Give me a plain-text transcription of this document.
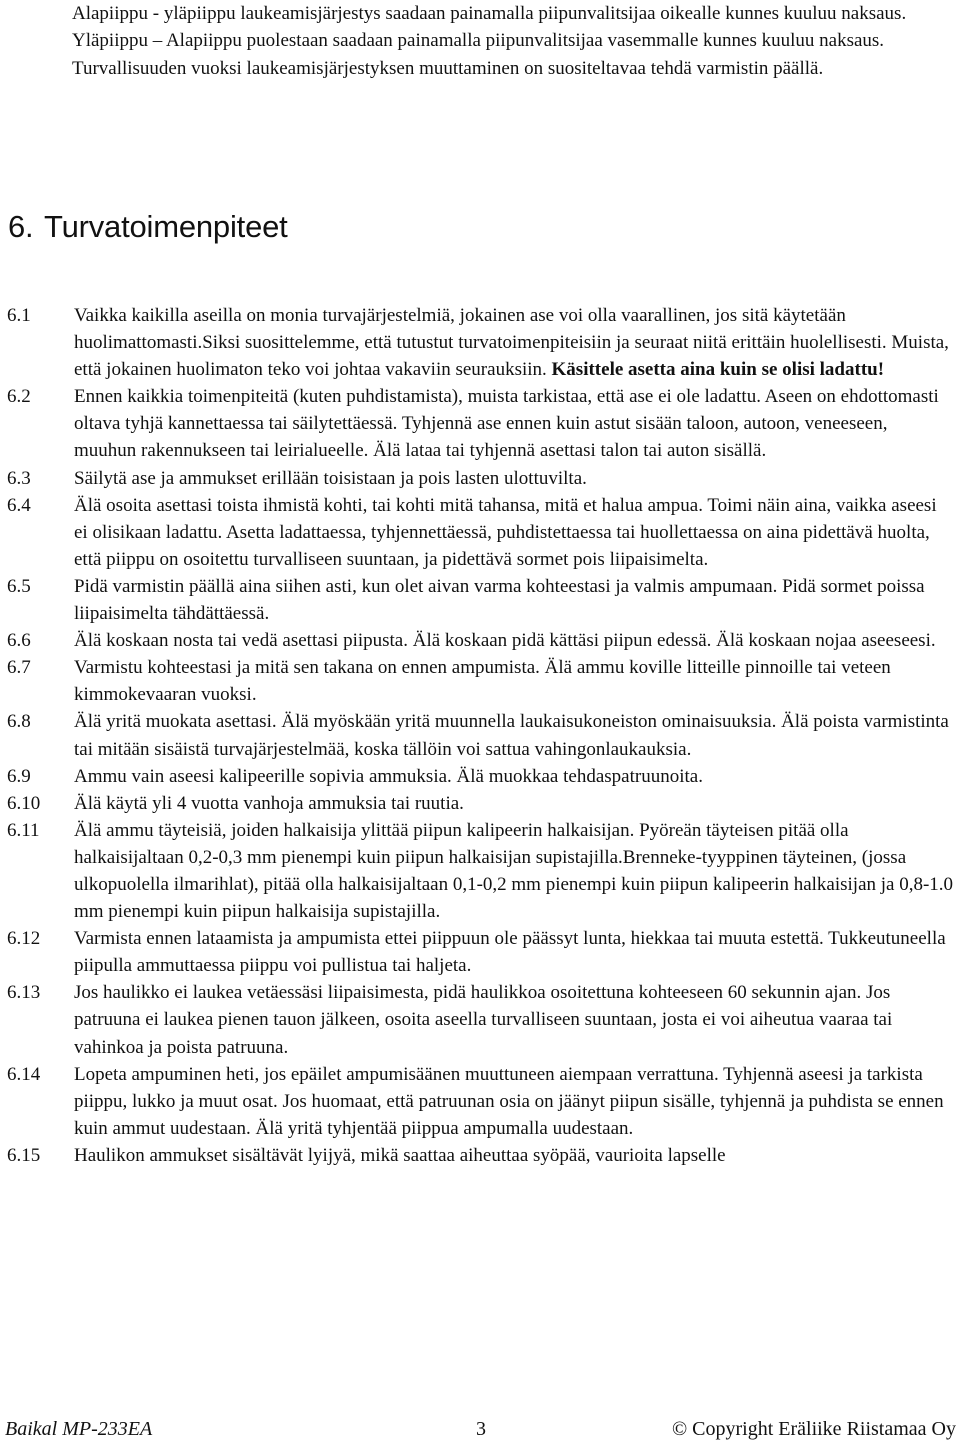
Alapiippu - yläpiippu laukeamisjärjestys saadaan painamalla piipunvalitsijaa oikealle kunnes kuuluu naksaus.

Yläpiippu – Alapiippu puolestaan saadaan painamalla piipunvalitsijaa vasemmalle kunnes kuuluu naksaus.

Turvallisuuden vuoksi laukeamisjärjestyksen muuttaminen on suositeltavaa tehdä varmistin päällä.

6. Turvatoimenpiteet
6.1	Vaikka kaikilla aseilla on monia turvajärjestelmiä, jokainen ase voi olla vaarallinen, jos sitä käytetään huolimattomasti.Siksi suosittelemme, että tutustut turvatoimenpiteisiin ja seuraat niitä erittäin huolellisesti. Muista, että jokainen huolimaton teko voi johtaa vakaviin seurauksiin. Käsittele asetta aina kuin se olisi ladattu!
6.2	Ennen kaikkia toimenpiteitä (kuten puhdistamista), muista tarkistaa, että ase ei ole ladattu. Aseen on ehdottomasti oltava tyhjä kannettaessa tai säilytettäessä. Tyhjennä ase ennen kuin astut sisään taloon, autoon, veneeseen, muuhun rakennukseen tai leirialueelle. Älä lataa tai tyhjennä asettasi talon tai auton sisällä.
6.3	Säilytä ase ja ammukset erillään toisistaan ja pois lasten ulottuvilta.
6.4	Älä osoita asettasi toista ihmistä kohti, tai kohti mitä tahansa, mitä et halua ampua. Toimi näin aina, vaikka aseesi ei olisikaan ladattu. Asetta ladattaessa, tyhjennettäessä, puhdistettaessa tai huollettaessa on aina pidettävä huolta, että piippu on osoitettu turvalliseen suuntaan, ja pidettävä sormet pois liipaisimelta.
6.5	Pidä varmistin päällä aina siihen asti, kun olet aivan varma kohteestasi ja valmis ampumaan. Pidä sormet poissa liipaisimelta tähdättäessä.
6.6	Älä koskaan nosta tai vedä asettasi piipusta. Älä koskaan pidä kättäsi piipun edessä. Älä koskaan nojaa aseeseesi.
6.7	Varmistu kohteestasi ja mitä sen takana on ennen ampumista. Älä ammu koville litteille pinnoille tai veteen kimmokevaaran vuoksi.
6.8	Älä yritä muokata asettasi. Älä myöskään yritä muunnella laukaisukoneiston ominaisuuksia. Älä poista varmistinta tai mitään sisäistä turvajärjestelmää, koska tällöin voi sattua vahingonlaukauksia.
6.9	Ammu vain aseesi kalipeerille sopivia ammuksia. Älä muokkaa tehdaspatruunoita.
6.10	Älä käytä yli 4 vuotta vanhoja ammuksia tai ruutia.
6.11	Älä ammu täyteisiä, joiden halkaisija ylittää piipun kalipeerin halkaisijan. Pyöreän täyteisen pitää olla halkaisijaltaan 0,2-0,3 mm pienempi kuin piipun halkaisijan supistajilla.Brenneke-tyyppinen täyteinen, (jossa ulkopuolella ilmarihlat), pitää olla halkaisijaltaan 0,1-0,2 mm pienempi kuin piipun kalipeerin halkaisijan ja 0,8-1.0 mm pienempi kuin piipun halkaisija supistajilla.
6.12	Varmista ennen lataamista ja ampumista ettei piippuun ole päässyt lunta, hiekkaa tai muuta estettä. Tukkeutuneella piipulla ammuttaessa piippu voi pullistua tai haljeta.
6.13	Jos haulikko ei laukea vetäessäsi liipaisimesta, pidä haulikkoa osoitettuna kohteeseen 60 sekunnin ajan. Jos patruuna ei laukea pienen tauon jälkeen, osoita aseella turvalliseen suuntaan, josta ei voi aiheutua vaaraa tai vahinkoa ja poista patruuna.
6.14	Lopeta ampuminen heti, jos epäilet ampumisäänen muuttuneen aiempaan verrattuna. Tyhjennä aseesi ja tarkista piippu, lukko ja muut osat. Jos huomaat, että patruunan osia on jäänyt piipun sisälle, tyhjennä ja puhdista se ennen kuin ammut uudestaan. Älä yritä tyhjentää piippua ampumalla uudestaan.
6.15	Haulikon ammukset sisältävät lyijyä, mikä saattaa aiheuttaa syöpää, vaurioita lapselle
Baikal MP-233EA	3	© Copyright Eräliike Riistamaa Oy
